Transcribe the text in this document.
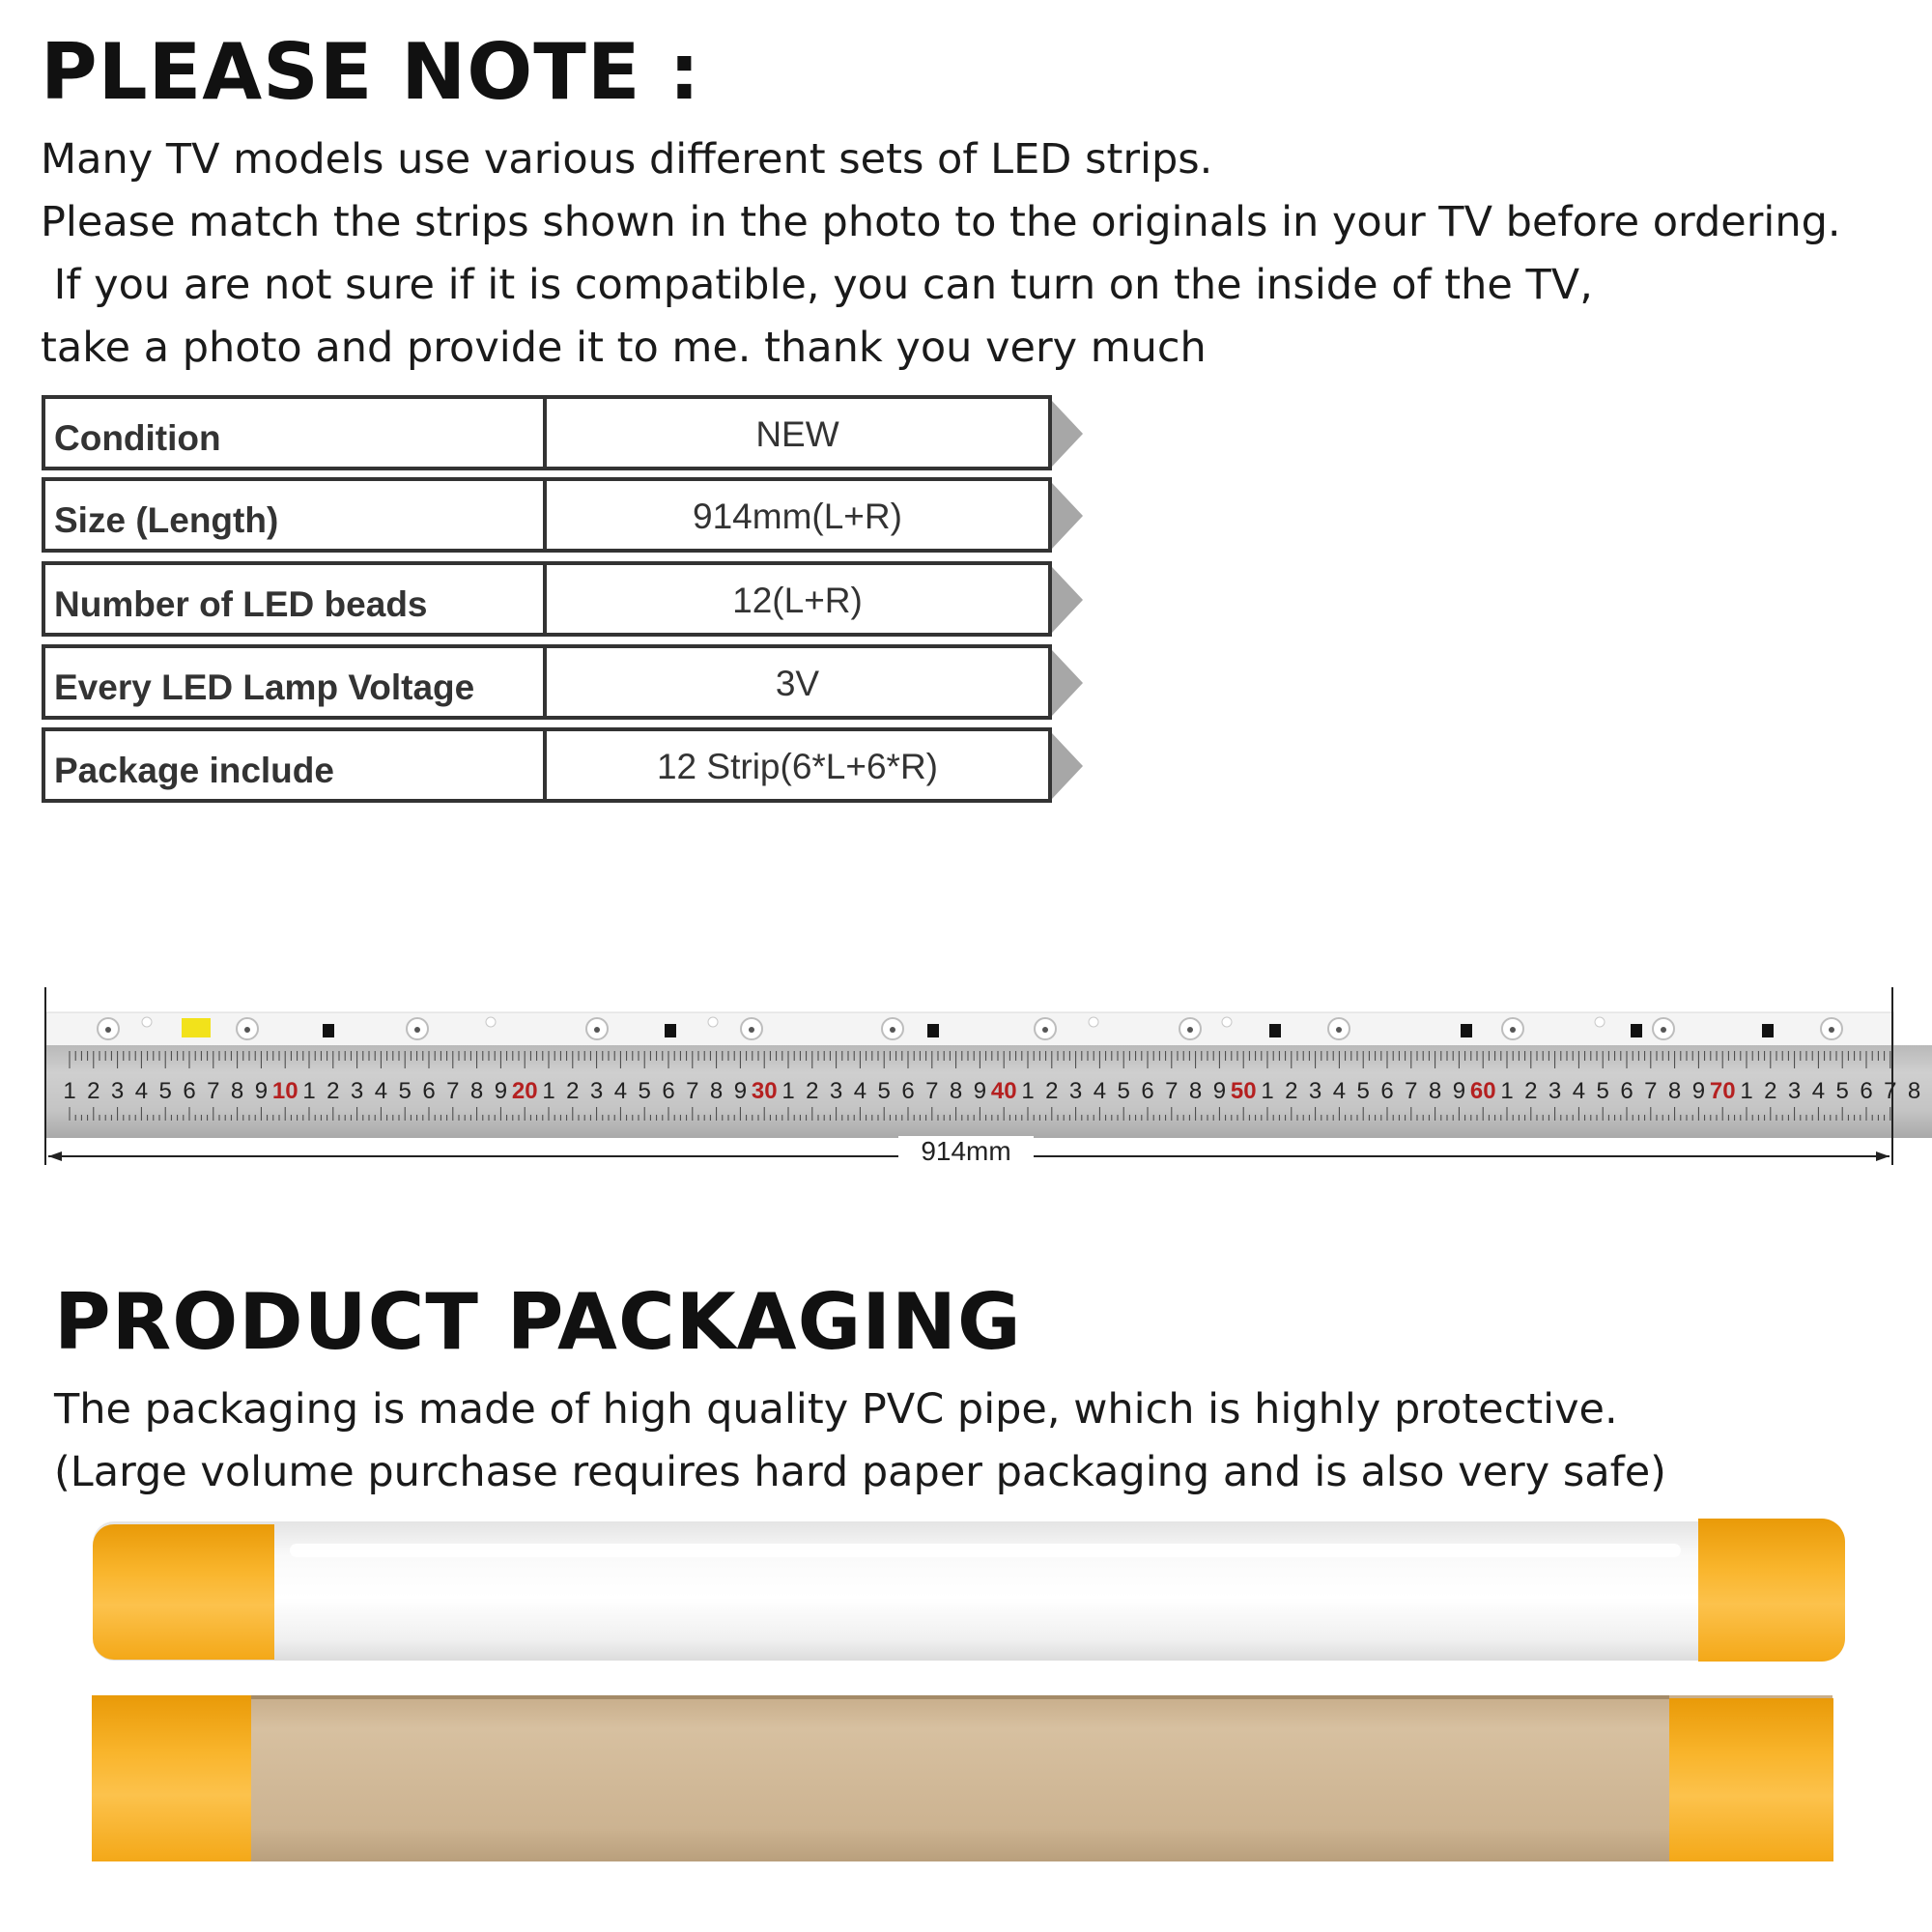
PLEASE NOTE :
Many TV models use various different sets of LED strips.
Please match the strips shown in the photo to the originals in your TV before ordering.
If you are not sure if it is compatible, you can turn on the inside of the TV,
take a photo and provide it to me. thank you very much
Condition	NEW
Size (Length)	914mm(L+R)
Number of LED beads	12(L+R)
Every LED Lamp Voltage	3V
Package include	12 Strip(6*L+6*R)
1 2 3 4 5 6 7 8 9 10 1 2 3 4 5 6 7 8 9 20 1 2 3 4 5 6 7 8 9 30 1 2 3 4 5 6 7 8 9 40 1 2 3 4 5 6 7 8 9 50 1 2 3 4 5 6 7 8 9 60 1 2 3 4 5 6 7 8 9 70 1 2 3 4 5 6 7 8
914mm
PRODUCT PACKAGING
The packaging is made of high quality PVC pipe, which is highly protective.
(Large volume purchase requires hard paper packaging and is also very safe)
